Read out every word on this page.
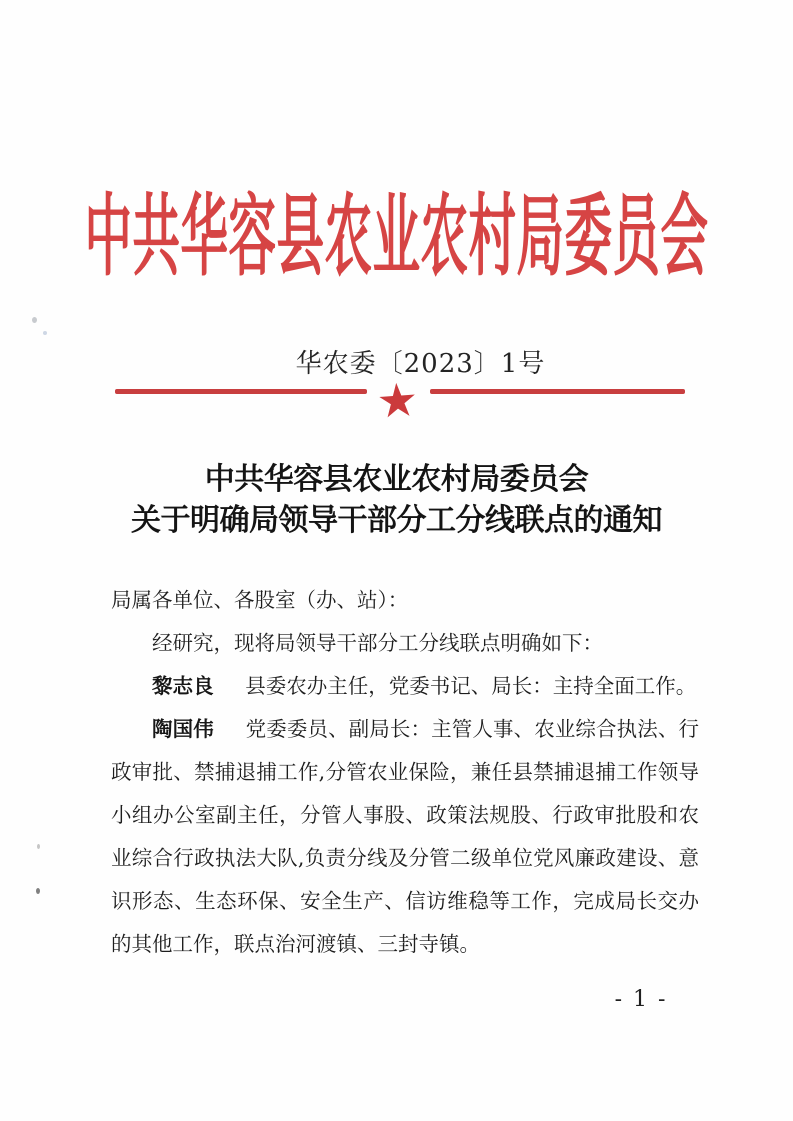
中共华容县农业农村局委员会
华农委〔2023〕1号
中共华容县农业农村局委员会
关于明确局领导干部分工分线联点的通知

局属各单位、各股室（办、站）：

经研究，现将局领导干部分工分线联点明确如下：

黎志良 县委农办主任，党委书记、局长：主持全面工作。

陶国伟 党委委员、副局长：主管人事、农业综合执法、行政审批、禁捕退捕工作,分管农业保险，兼任县禁捕退捕工作领导小组办公室副主任，分管人事股、政策法规股、行政审批股和农业综合行政执法大队,负责分线及分管二级单位党风廉政建设、意识形态、生态环保、安全生产、信访维稳等工作，完成局长交办的其他工作，联点治河渡镇、三封寺镇。

- 1 -
